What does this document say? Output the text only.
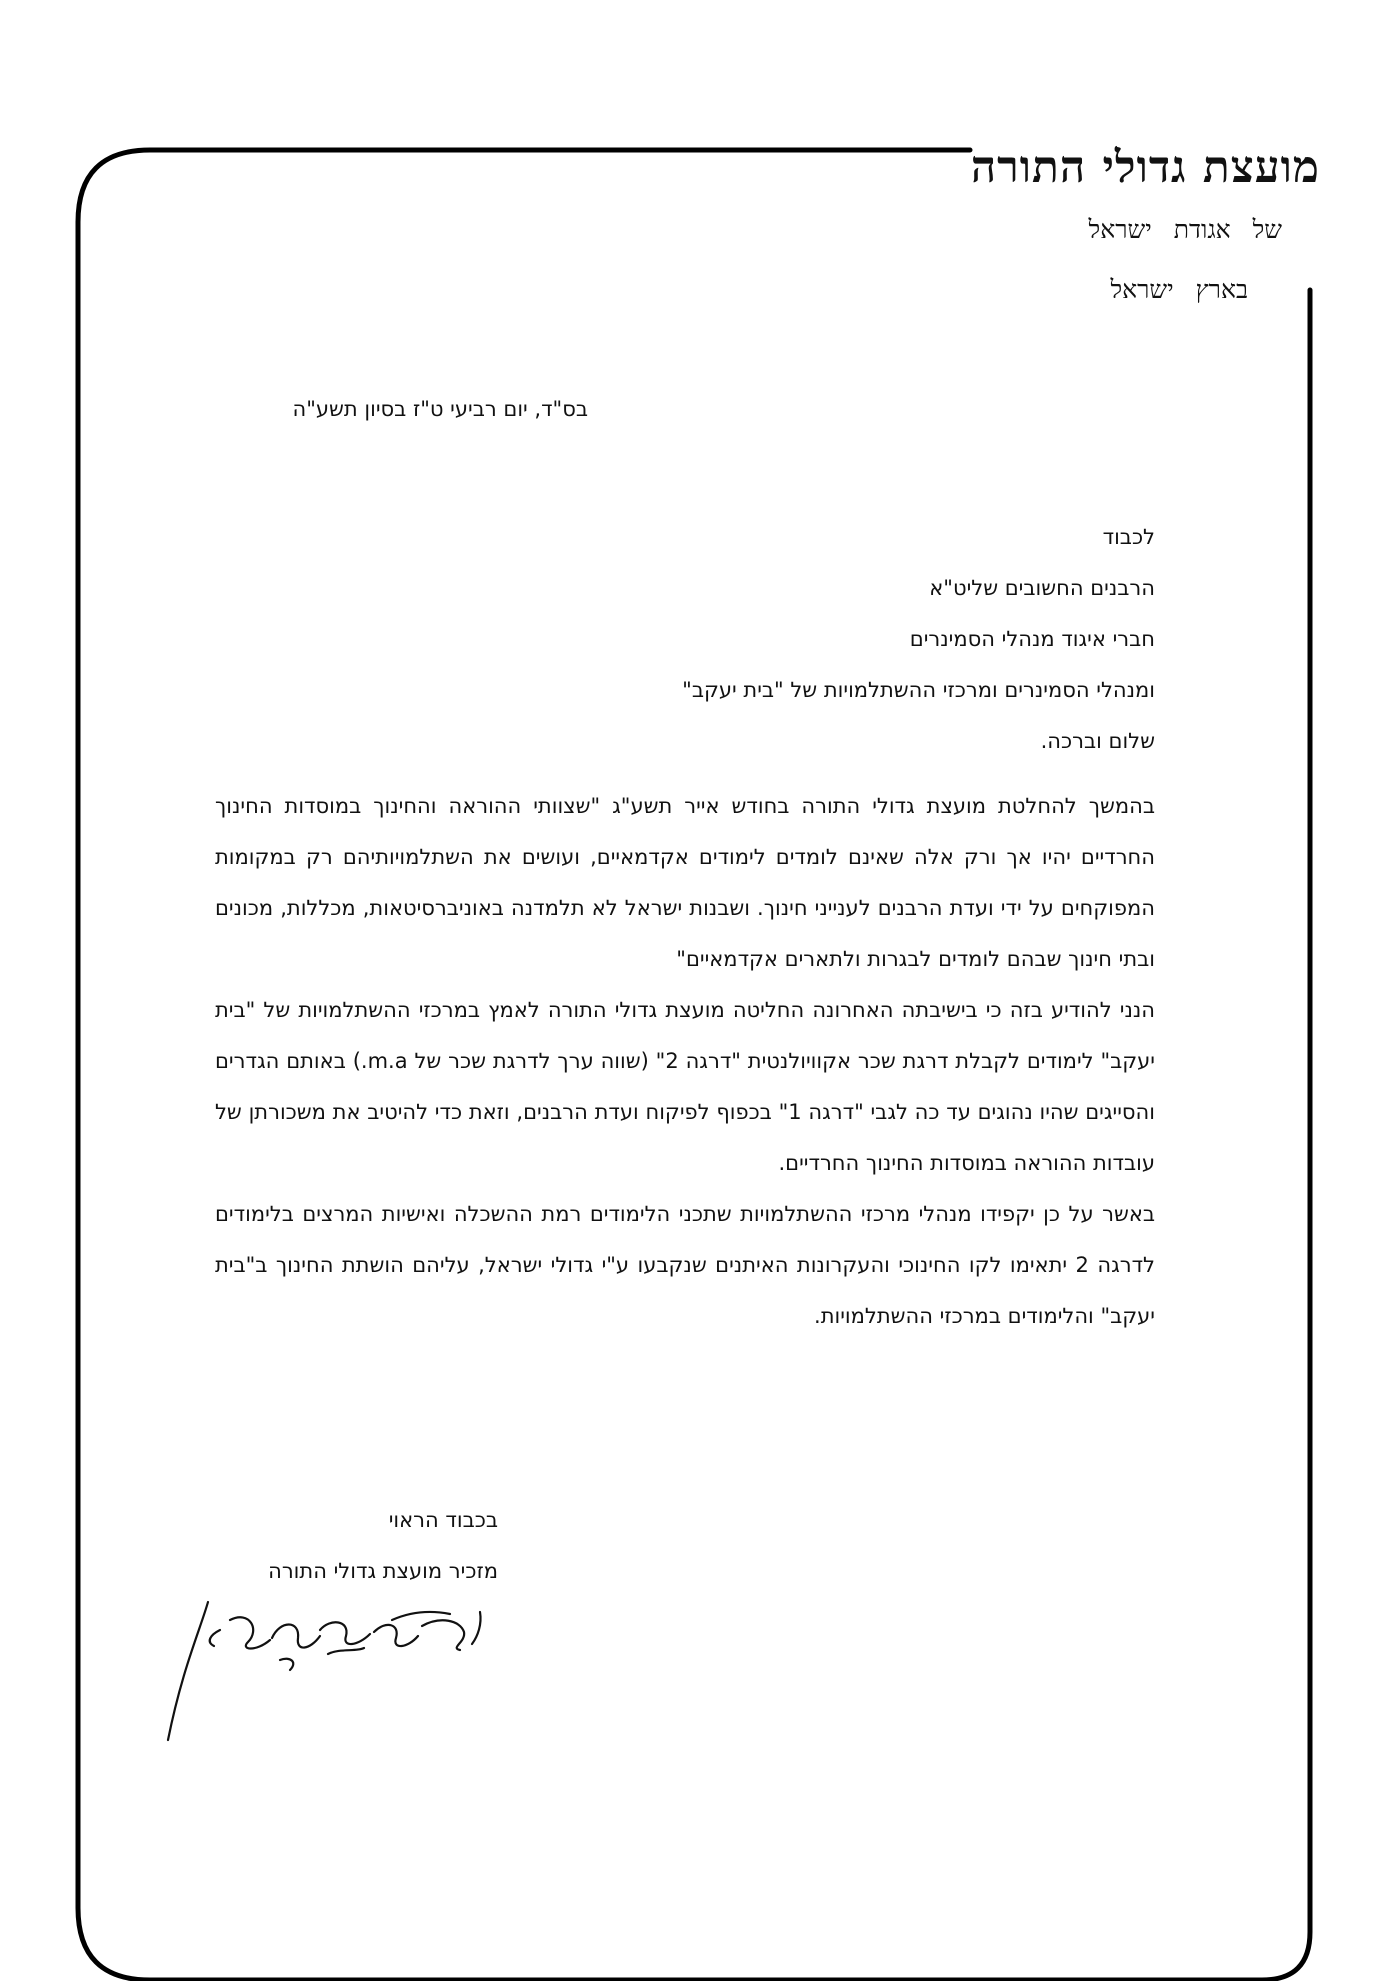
מועצת גדולי התורה
של אגודת ישראל
בארץ ישראל
בס"ד, יום רביעי ט"ז בסיון תשע"ה
לכבוד
הרבנים החשובים שליט"א
חברי איגוד מנהלי הסמינרים
ומנהלי הסמינרים ומרכזי ההשתלמויות של "בית יעקב"
שלום וברכה.

בהמשך להחלטת מועצת גדולי התורה בחודש אייר תשע"ג "שצוותי ההוראה והחינוך במוסדות החינוך החרדיים יהיו אך ורק אלה שאינם לומדים לימודים אקדמאיים, ועושים את השתלמויותיהם רק במקומות המפוקחים על ידי ועדת הרבנים לענייני חינוך. ושבנות ישראל לא תלמדנה באוניברסיטאות, מכללות, מכונים ובתי חינוך שבהם לומדים לבגרות ולתארים אקדמאיים"

הנני להודיע בזה כי בישיבתה האחרונה החליטה מועצת גדולי התורה לאמץ במרכזי ההשתלמויות של "בית יעקב" לימודים לקבלת דרגת שכר אקוויולנטית "דרגה 2" (שווה ערך לדרגת שכר של m.a.) באותם הגדרים והסייגים שהיו נהוגים עד כה לגבי "דרגה 1" בכפוף לפיקוח ועדת הרבנים, וזאת כדי להיטיב את משכורתן של עובדות ההוראה במוסדות החינוך החרדיים.

באשר על כן יקפידו מנהלי מרכזי ההשתלמויות שתכני הלימודים רמת ההשכלה ואישיות המרצים בלימודים לדרגה 2 יתאימו לקו החינוכי והעקרונות האיתנים שנקבעו ע"י גדולי ישראל, עליהם הושתת החינוך ב"בית יעקב" והלימודים במרכזי ההשתלמויות.

בכבוד הראוי
מזכיר מועצת גדולי התורה
